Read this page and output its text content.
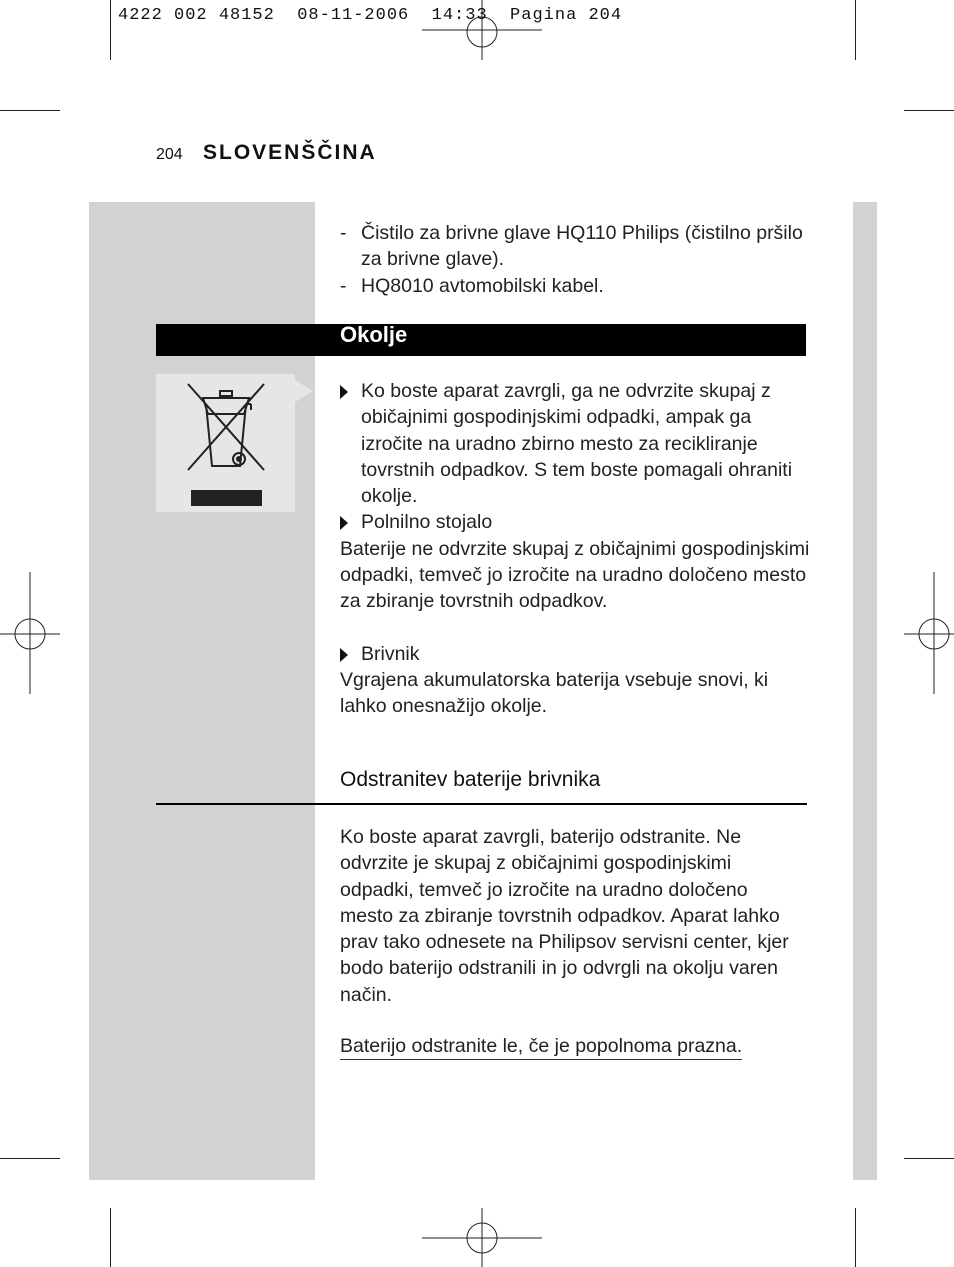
4222 002 48152  08-11-2006  14:33  Pagina 204
204 SLOVENŠČINA
- Čistilo za brivne glave HQ110 Philips (čistilno pršilo za brivne glave).
- HQ8010 avtomobilski kabel.
Okolje
Ko boste aparat zavrgli, ga ne odvrzite skupaj z običajnimi gospodinjskimi odpadki, ampak ga izročite na uradno zbirno mesto za recikliranje tovrstnih odpadkov. S tem boste pomagali ohraniti okolje.
Polnilno stojalo
Baterije ne odvrzite skupaj z običajnimi gospodinjskimi odpadki, temveč jo izročite na uradno določeno mesto za zbiranje tovrstnih odpadkov.
Brivnik
Vgrajena akumulatorska baterija vsebuje snovi, ki lahko onesnažijo okolje.
Odstranitev baterije brivnika
Ko boste aparat zavrgli, baterijo odstranite. Ne odvrzite je skupaj z običajnimi gospodinjskimi odpadki, temveč jo izročite na uradno določeno mesto za zbiranje tovrstnih odpadkov. Aparat lahko prav tako odnesete na Philipsov servisni center, kjer bodo baterijo odstranili in jo odvrgli na okolju varen način.
Baterijo odstranite le, če je popolnoma prazna.
